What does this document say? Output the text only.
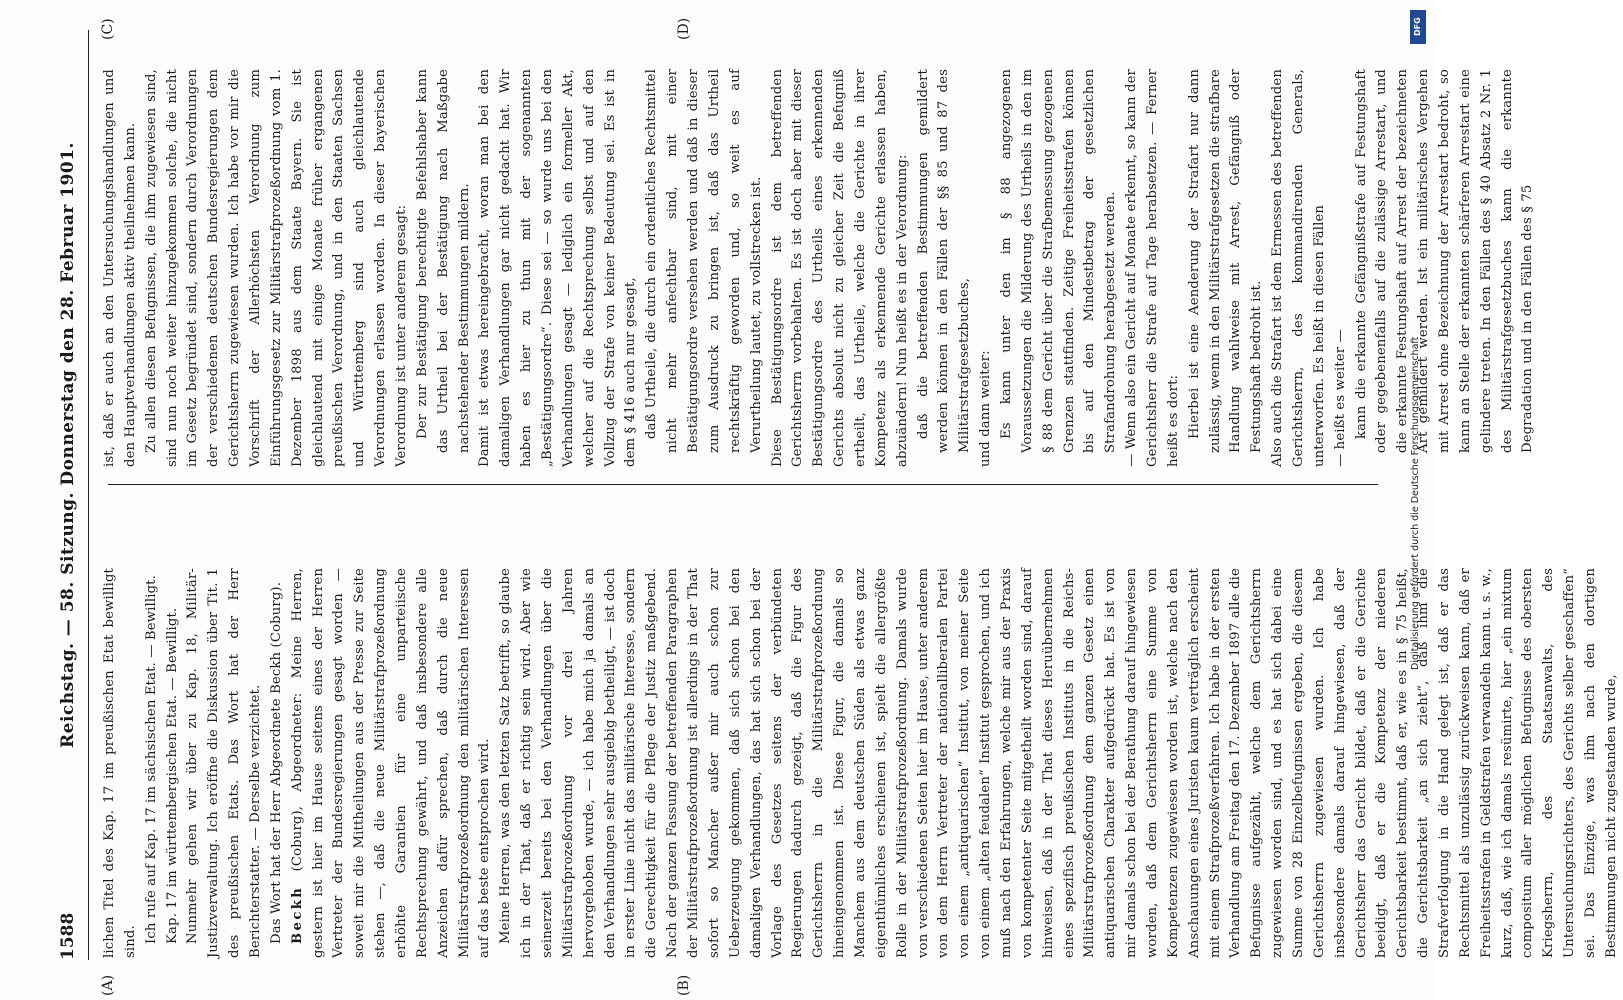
1588
Reichstag. — 58. Sitzung. Donnerstag den 28. Februar 1901.
(A)	(B)
(C)	(D)

lichen Titel des Kap. 17 im preußischen Etat bewilligt sind. Ich rufe auf Kap. 17 im sächsischen Etat. — Bewilligt. Kap. 17 im württembergischen Etat. — Bewilligt. Nunmehr gehen wir über zu Kap. 18, Militär-Justizverwaltung. Ich eröffne die Diskussion über Tit. 1 des preußischen Etats. Das Wort hat der Herr Berichterstatter. — Derselbe verzichtet. Das Wort hat der Herr Abgeordnete Beckh (Coburg). Beckh (Coburg), Abgeordneter: Meine Herren, gestern ist hier im Hause seitens eines der Herren Vertreter der Bundesregierungen gesagt worden — soweit mir die Mittheilungen aus der Presse zur Seite stehen —, daß die neue Militärstrafprozeßordnung erhöhte Garantien für eine unparteiische Rechtsprechung gewährt, und daß insbesondere alle Anzeichen dafür sprechen, daß durch die neue Militärstrafprozeßordnung den militärischen Interessen auf das beste entsprochen wird. Meine Herren, was den letzten Satz betrifft, so glaube ich in der That, daß er richtig sein wird. Aber wie seinerzeit bereits bei den Verhandlungen über die Militärstrafprozeßordnung vor drei Jahren hervorgehoben wurde, — ich habe mich ja damals an den Verhandlungen sehr ausgiebig betheiligt, — ist doch in erster Linie nicht das militärische Interesse, sondern die Gerechtigkeit für die Pflege der Justiz maßgebend. Nach der ganzen Fassung der betreffenden Paragraphen der Militärstrafprozeßordnung ist allerdings in der That sofort so Mancher außer mir auch schon zur Ueberzeugung gekommen, daß sich schon bei den damaligen Verhandlungen, das hat sich schon bei der Vorlage des Gesetzes seitens der verbündeten Regierungen dadurch gezeigt, daß die Figur des Gerichtsherrn in die Militärstrafprozeßordnung hineingenommen ist. Diese Figur, die damals so Manchem aus dem deutschen Süden als etwas ganz eigenthümliches erschienen ist, spielt die allergrößte Rolle in der Militärstrafprozeßordnung. Damals wurde von verschiedenen Seiten hier im Hause, unter anderem von dem Herrn Vertreter der nationalliberalen Partei von einem „antiquarischen“ Institut, von meiner Seite von einem „alten feudalen“ Institut gesprochen, und ich muß nach den Erfahrungen, welche mir aus der Praxis von kompetenter Seite mitgetheilt worden sind, darauf hinweisen, daß in der That dieses Heruübernehmen eines spezifisch preußischen Instituts in die Reichs-Militärstrafprozeßordnung dem ganzen Gesetz einen antiquarischen Charakter aufgedrückt hat. Es ist von mir damals schon bei der Berathung darauf hingewiesen worden, daß dem Gerichtsherrn eine Summe von Kompetenzen zugewiesen worden ist, welche nach den Anschauungen eines Juristen kaum verträglich erscheint mit einem Strafprozeßverfahren. Ich habe in der ersten Verhandlung am Freitag den 17. Dezember 1897 alle die Befugnisse aufgezählt, welche dem Gerichtsherrn zugewiesen worden sind, und es hat sich dabei eine Summe von 28 Einzelbefugnissen ergeben, die diesem Gerichtsherrn zugewiesen wurden. Ich habe insbesondere damals darauf hingewiesen, daß der Gerichtsherr das Gericht bildet, daß er die Gerichte beeidigt, daß er die Kompetenz der niederen Gerichtsbarkeit bestimmt, daß er, wie es in § 75 heißt, die Gerichtsbarkeit „an sich zieht“, daß ihm die Strafverfolgung in die Hand gelegt ist, daß er das Rechtsmittel als unzulässig zurückweisen kann, daß er Freiheitsstrafen in Geldstrafen verwandeln kann u. s. w., kurz, daß, wie ich damals resümirte, hier „ein mixtum compositum aller möglichen Befugnisse des obersten Kriegsherrn, des Staatsanwalts, des Untersuchungsrichters, des Gerichts selber geschaffen“ sei. Das Einzige, was ihm nach den dortigen Bestimmungen nicht zugestanden wurde,

ist, daß er auch an den Untersuchungshandlungen und den Hauptverhandlungen aktiv theilnehmen kann. Zu allen diesen Befugnissen, die ihm zugewiesen sind, sind nun noch weiter hinzugekommen solche, die nicht im Gesetz begründet sind, sondern durch Verordnungen der verschiedenen deutschen Bundesregierungen dem Gerichtsherrn zugewiesen wurden. Ich habe vor mir die Vorschrift der Allerhöchsten Verordnung zum Einführungsgesetz zur Militärstrafprozeßordnung vom 1. Dezember 1898 aus dem Staate Bayern. Sie ist gleichlautend mit einige Monate früher ergangenen preußischen Verordnung, und in den Staaten Sachsen und Württemberg sind auch gleichlautende Verordnungen erlassen worden. In dieser bayerischen Verordnung ist unter anderem gesagt: Der zur Bestätigung berechtigte Befehlshaber kann das Urtheil bei der Bestätigung nach Maßgabe nachstehender Bestimmungen mildern. Damit ist etwas hereingebracht, woran man bei den damaligen Verhandlungen gar nicht gedacht hat. Wir haben es hier zu thun mit der sogenannten „Bestätigungsordre“. Diese sei — so wurde uns bei den Verhandlungen gesagt — lediglich ein formeller Akt, welcher auf die Rechtsprechung selbst und auf den Vollzug der Strafe von keiner Bedeutung sei. Es ist in dem § 416 auch nur gesagt, daß Urtheile, die durch ein ordentliches Rechtsmittel nicht mehr anfechtbar sind, mit einer Bestätigungsordre versehen werden und daß in dieser zum Ausdruck zu bringen ist, daß das Urtheil rechtskräftig geworden und, so weit es auf Verurtheilung lautet, zu vollstrecken ist. Diese Bestätigungsordre ist dem betreffenden Gerichtsherrn vorbehalten. Es ist doch aber mit dieser Bestätigungsordre des Urtheils eines erkennenden Gerichts absolut nicht zu gleicher Zeit die Befugniß ertheilt, das Urtheile, welche die Gerichte in ihrer Kompetenz als erkennende Gerichte erlassen haben, abzuändern! Nun heißt es in der Verordnung: daß die betreffenden Bestimmungen gemildert werden können in den Fällen der §§ 85 und 87 des Militärstrafgesetzbuches, und dann weiter: Es kann unter den im § 88 angezogenen Voraussetzungen die Milderung des Urtheils in den im § 88 dem Gericht über die Strafbemessung gezogenen Grenzen stattfinden. Zeitige Freiheitsstrafen können bis auf den Mindestbetrag der gesetzlichen Strafandrohung herabgesetzt werden. — Wenn also ein Gericht auf Monate erkennt, so kann der Gerichtsherr die Strafe auf Tage herabsetzen. — Ferner heißt es dort: Hierbei ist eine Aenderung der Strafart nur dann zulässig, wenn in den Militärstrafgesetzen die strafbare Handlung wahlweise mit Arrest, Gefängniß oder Festungshaft bedroht ist. Also auch die Strafart ist dem Ermessen des betreffenden Gerichtsherrn, des kommandirenden Generals, unterworfen. Es heißt in diesen Fällen — heißt es weiter — kann die erkannte Gefängnißstrafe auf Festungshaft oder gegebenenfalls auf die zulässige Arrestart, und die erkannte Festungshaft auf Arrest der bezeichneten Art gemildert werden. Ist ein militärisches Vergehen mit Arrest ohne Bezeichnung der Arrestart bedroht, so kann an Stelle der erkannten schärferen Arrestart eine gelindere treten. In den Fällen des § 40 Absatz 2 Nr. 1 des Militärstrafgesetzbuches kann die erkannte Degradation und in den Fällen des § 75

DFG
Digitalisierung gefördert durch die Deutsche Forschungsgemeinschaft
